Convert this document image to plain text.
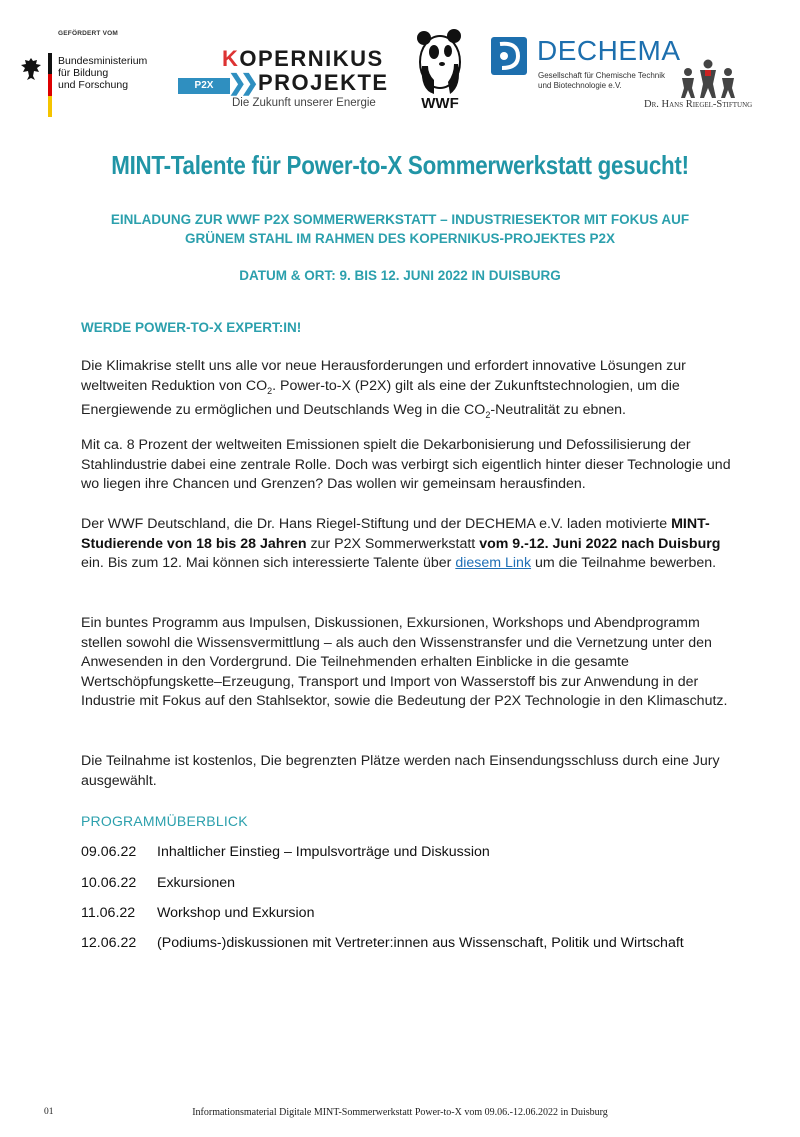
GEFÖRDERT VOM
Bundesministerium
für Bildung
und Forschung
KOPERNIKUS
P2X ❯❯ PROJEKTE
Die Zukunft unserer Energie	WWF
DECHEMA
Gesellschaft für Chemische Technik
und Biotechnologie e.V.
Dr. Hans Riegel-Stiftung
MINT-Talente für Power-to-X Sommerwerkstatt gesucht!
EINLADUNG ZUR WWF P2X SOMMERWERKSTATT – INDUSTRIESEKTOR MIT FOKUS AUF
GRÜNEM STAHL IM RAHMEN DES KOPERNIKUS-PROJEKTES P2X
DATUM & ORT: 9. BIS 12. JUNI 2022 IN DUISBURG
WERDE POWER-TO-X EXPERT:IN!
Die Klimakrise stellt uns alle vor neue Herausforderungen und erfordert innovative Lösungen zur weltweiten Reduktion von $CO_2$. Power-to-X (P2X) gilt als eine der Zukunftstechnologien, um die Energiewende zu ermöglichen und Deutschlands Weg in die $CO_2$-Neutralität zu ebnen.
Mit ca. 8 Prozent der weltweiten Emissionen spielt die Dekarbonisierung und Defossilisierung der Stahlindustrie dabei eine zentrale Rolle. Doch was verbirgt sich eigentlich hinter dieser Technologie und wo liegen ihre Chancen und Grenzen? Das wollen wir gemeinsam herausfinden.
Der WWF Deutschland, die Dr. Hans Riegel-Stiftung und der DECHEMA e.V. laden motivierte MINT-Studierende von 18 bis 28 Jahren zur P2X Sommerwerkstatt vom 9.-12. Juni 2022 nach Duisburg ein. Bis zum 12. Mai können sich interessierte Talente über diesem Link um die Teilnahme bewerben.
Ein buntes Programm aus Impulsen, Diskussionen, Exkursionen, Workshops und Abendprogramm stellen sowohl die Wissensvermittlung – als auch den Wissenstransfer und die Vernetzung unter den Anwesenden in den Vordergrund. Die Teilnehmenden erhalten Einblicke in die gesamte Wertschöpfungskette–Erzeugung, Transport und Import von Wasserstoff bis zur Anwendung in der Industrie mit Fokus auf den Stahlsektor, sowie die Bedeutung der P2X Technologie in den Klimaschutz.
Die Teilnahme ist kostenlos, Die begrenzten Plätze werden nach Einsendungsschluss durch eine Jury ausgewählt.
PROGRAMMÜBERBLICK
09.06.22 Inhaltlicher Einstieg – Impulsvorträge und Diskussion
10.06.22 Exkursionen
11.06.22 Workshop und Exkursion
12.06.22 (Podiums-)diskussionen mit Vertreter:innen aus Wissenschaft, Politik und Wirtschaft
01	Informationsmaterial Digitale MINT-Sommerwerkstatt Power-to-X vom 09.06.-12.06.2022 in Duisburg
